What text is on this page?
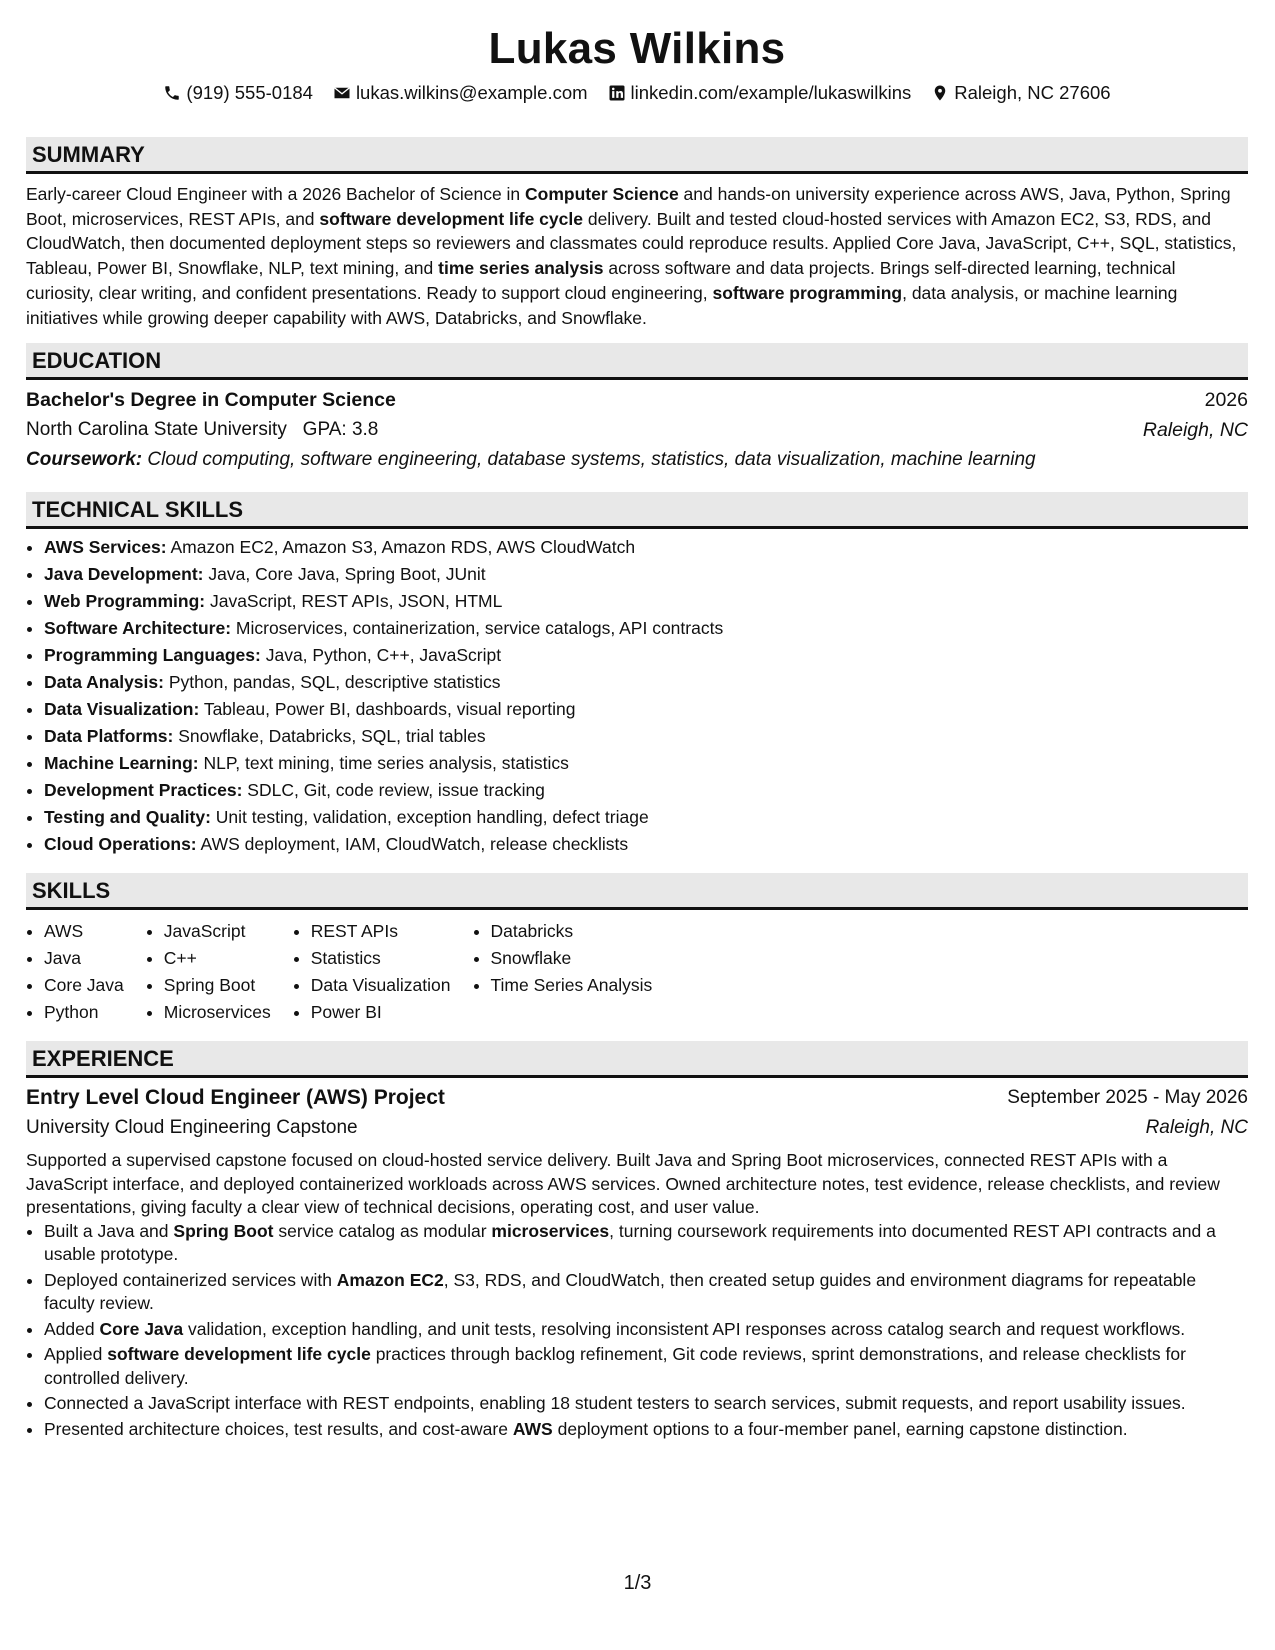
Lukas Wilkins
(919) 555-0184 lukas.wilkins@example.com linkedin.com/example/lukaswilkins Raleigh, NC 27606
SUMMARY

Early-career Cloud Engineer with a 2026 Bachelor of Science in Computer Science and hands-on university experience across AWS, Java, Python, Spring Boot, microservices, REST APIs, and software development life cycle delivery. Built and tested cloud-hosted services with Amazon EC2, S3, RDS, and CloudWatch, then documented deployment steps so reviewers and classmates could reproduce results. Applied Core Java, JavaScript, C++, SQL, statistics, Tableau, Power BI, Snowflake, NLP, text mining, and time series analysis across software and data projects. Brings self-directed learning, technical curiosity, clear writing, and confident presentations. Ready to support cloud engineering, software programming, data analysis, or machine learning initiatives while growing deeper capability with AWS, Databricks, and Snowflake.

EDUCATION
Bachelor's Degree in Computer Science	2026
North Carolina State University GPA: 3.8	Raleigh, NC
Coursework: Cloud computing, software engineering, database systems, statistics, data visualization, machine learning
TECHNICAL SKILLS
• AWS Services: Amazon EC2, Amazon S3, Amazon RDS, AWS CloudWatch
• Java Development: Java, Core Java, Spring Boot, JUnit
• Web Programming: JavaScript, REST APIs, JSON, HTML
• Software Architecture: Microservices, containerization, service catalogs, API contracts
• Programming Languages: Java, Python, C++, JavaScript
• Data Analysis: Python, pandas, SQL, descriptive statistics
• Data Visualization: Tableau, Power BI, dashboards, visual reporting
• Data Platforms: Snowflake, Databricks, SQL, trial tables
• Machine Learning: NLP, text mining, time series analysis, statistics
• Development Practices: SDLC, Git, code review, issue tracking
• Testing and Quality: Unit testing, validation, exception handling, defect triage
• Cloud Operations: AWS deployment, IAM, CloudWatch, release checklists
SKILLS
• AWS
• Java
• Core Java
• Python
• JavaScript
• C++
• Spring Boot
• Microservices
• REST APIs
• Statistics
• Data Visualization
• Power BI
• Databricks
• Snowflake
• Time Series Analysis
EXPERIENCE
Entry Level Cloud Engineer (AWS) Project	September 2025 - May 2026
University Cloud Engineering Capstone	Raleigh, NC
Supported a supervised capstone focused on cloud-hosted service delivery. Built Java and Spring Boot microservices, connected REST APIs with a JavaScript interface, and deployed containerized workloads across AWS services. Owned architecture notes, test evidence, release checklists, and review presentations, giving faculty a clear view of technical decisions, operating cost, and user value.
• Built a Java and Spring Boot service catalog as modular microservices, turning coursework requirements into documented REST API contracts and a usable prototype.
• Deployed containerized services with Amazon EC2, S3, RDS, and CloudWatch, then created setup guides and environment diagrams for repeatable faculty review.
• Added Core Java validation, exception handling, and unit tests, resolving inconsistent API responses across catalog search and request workflows.
• Applied software development life cycle practices through backlog refinement, Git code reviews, sprint demonstrations, and release checklists for controlled delivery.
• Connected a JavaScript interface with REST endpoints, enabling 18 student testers to search services, submit requests, and report usability issues.
• Presented architecture choices, test results, and cost-aware AWS deployment options to a four-member panel, earning capstone distinction.
1/3
